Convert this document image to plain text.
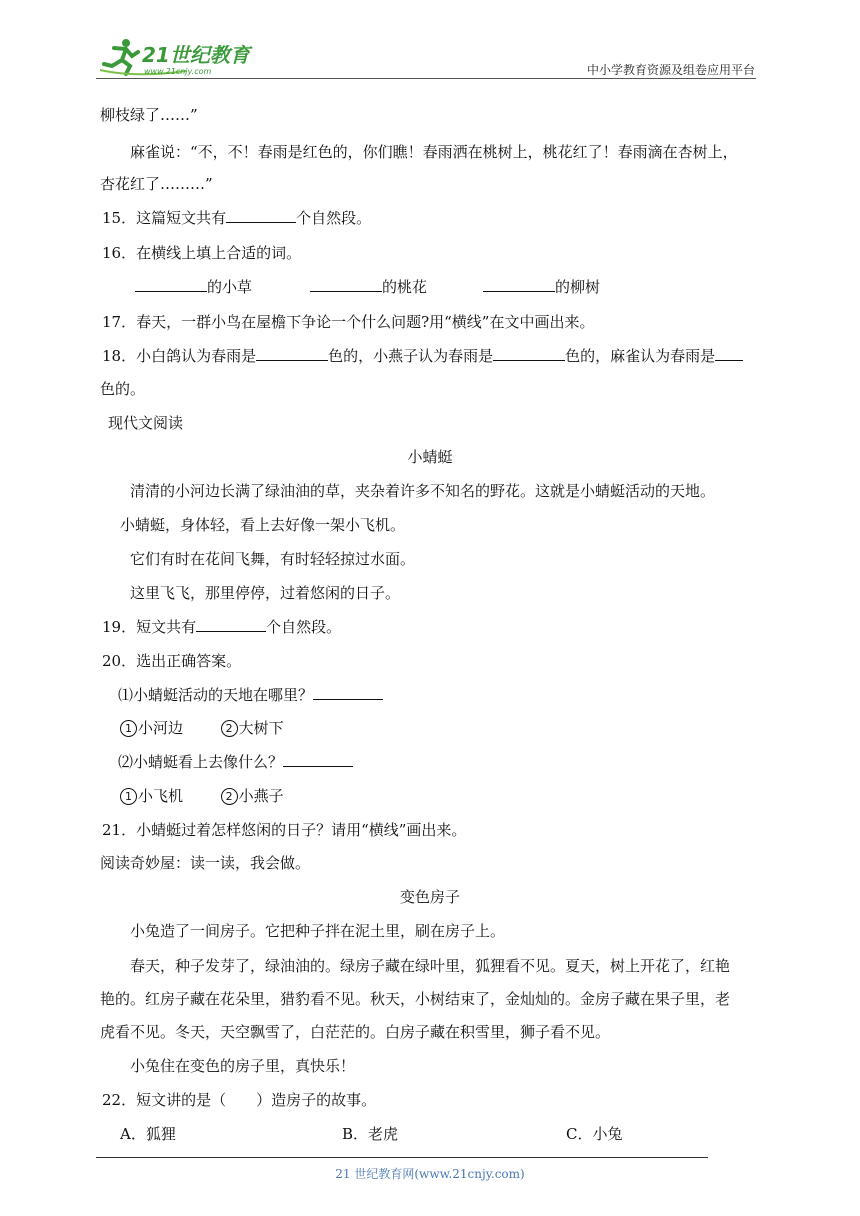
21世纪教育
www.21cnjy.com	中小学教育资源及组卷应用平台
柳枝绿了……”
麻雀说：“不，不！春雨是红色的，你们瞧！春雨洒在桃树上，桃花红了！春雨滴在杏树上，
杏花红了………”
15．这篇短文共有	个自然段。
16．在横线上填上合适的词。
的小草	的桃花	的柳树
17．春天，一群小鸟在屋檐下争论一个什么问题?用“横线”在文中画出来。
18．小白鸽认为春雨是	色的，小燕子认为春雨是	色的，麻雀认为春雨是
色的。
现代文阅读
小蜻蜓
清清的小河边长满了绿油油的草，夹杂着许多不知名的野花。这就是小蜻蜓活动的天地。
小蜻蜓，身体轻，看上去好像一架小飞机。
它们有时在花间飞舞，有时轻轻掠过水面。
这里飞飞，那里停停，过着悠闲的日子。
19．短文共有	个自然段。
20．选出正确答案。
⑴小蜻蜓活动的天地在哪里？
1 小河边	2 大树下
⑵小蜻蜓看上去像什么？
1 小飞机	2 小燕子
21．小蜻蜓过着怎样悠闲的日子？请用“横线”画出来。
阅读奇妙屋：读一读，我会做。
变色房子
小兔造了一间房子。它把种子拌在泥土里，刷在房子上。
春天，种子发芽了，绿油油的。绿房子藏在绿叶里，狐狸看不见。夏天，树上开花了，红艳
艳的。红房子藏在花朵里，猎豹看不见。秋天，小树结束了，金灿灿的。金房子藏在果子里，老
虎看不见。冬天，天空飘雪了，白茫茫的。白房子藏在积雪里，狮子看不见。
小兔住在变色的房子里，真快乐！
22．短文讲的是（　　）造房子的故事。
A．狐狸	B．老虎	C．小兔
21 世纪教育网(www.21cnjy.com)
